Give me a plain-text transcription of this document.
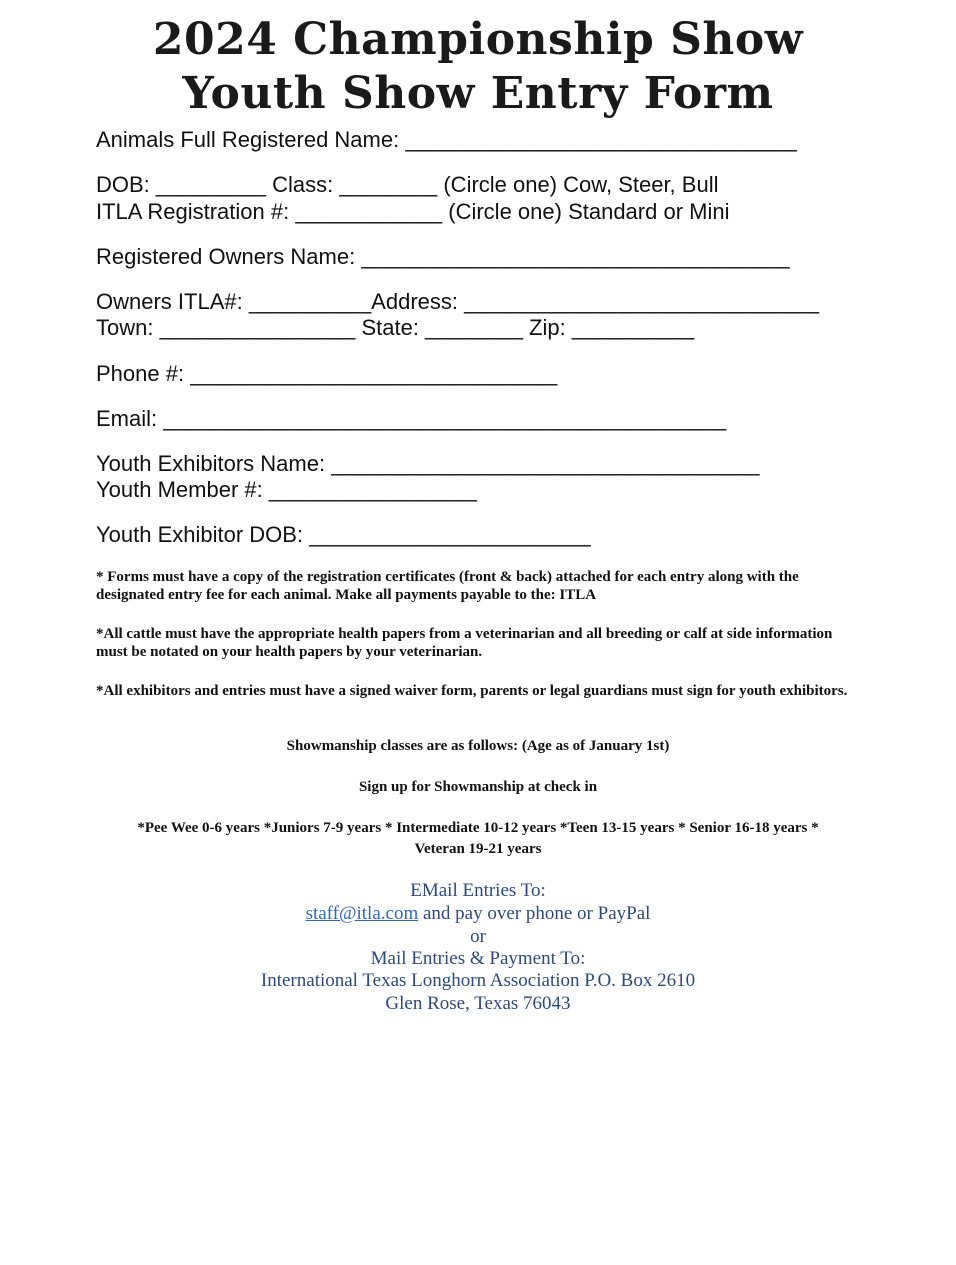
2024 Championship Show
Youth Show Entry Form
Animals Full Registered Name: ________________________________
DOB: _________ Class: ________ (Circle one) Cow, Steer, Bull
ITLA Registration #: ____________ (Circle one) Standard or Mini
Registered Owners Name: ___________________________________
Owners ITLA#: __________Address: _____________________________
Town: ________________ State: ________ Zip: __________
Phone #: ______________________________
Email: ______________________________________________
Youth Exhibitors Name: ___________________________________
Youth Member #: _________________
Youth Exhibitor DOB: _______________________
* Forms must have a copy of the registration certificates (front & back) attached for each entry along with the designated entry fee for each animal. Make all payments payable to the: ITLA
*All cattle must have the appropriate health papers from a veterinarian and all breeding or calf at side information must be notated on your health papers by your veterinarian.
*All exhibitors and entries must have a signed waiver form, parents or legal guardians must sign for youth exhibitors.
Showmanship classes are as follows: (Age as of January 1st)
Sign up for Showmanship at check in
*Pee Wee 0-6 years *Juniors 7-9 years * Intermediate 10-12 years *Teen 13-15 years * Senior 16-18 years *
Veteran 19-21 years
EMail Entries To:
staff@itla.com and pay over phone or PayPal
or
Mail Entries & Payment To:
International Texas Longhorn Association P.O. Box 2610
Glen Rose, Texas 76043
